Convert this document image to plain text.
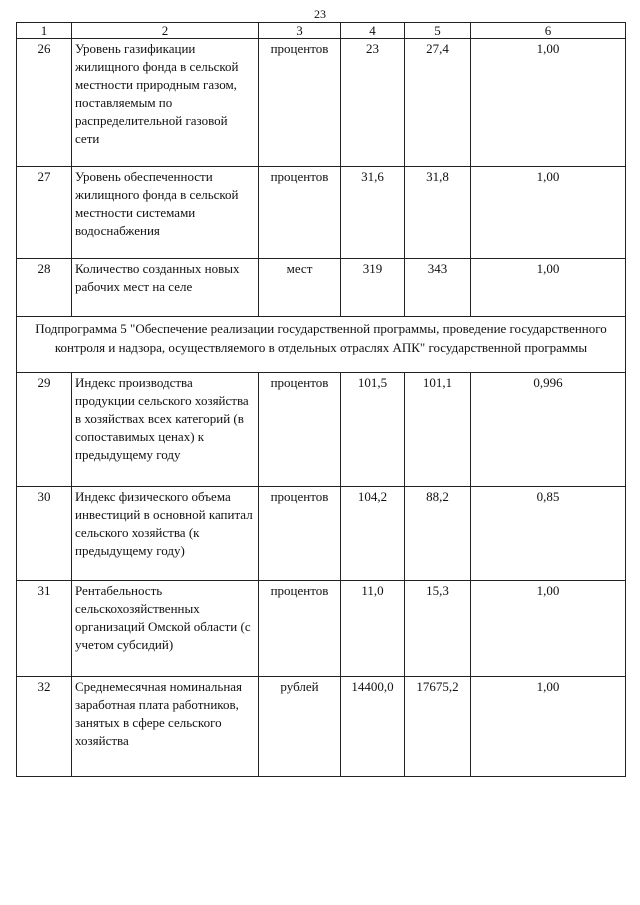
23
1	2	3	4	5	6
26	Уровень газификации жилищного фонда в сельской местности природным газом, поставляемым по распределительной газовой сети	процентов	23	27,4	1,00
27	Уровень обеспеченности жилищного фонда в сельской местности системами водоснабжения	процентов	31,6	31,8	1,00
28	Количество созданных новых рабочих мест на селе	мест	319	343	1,00
Подпрограмма 5 "Обеспечение реализации государственной программы, проведение государственного контроля и надзора, осуществляемого в отдельных отраслях АПК" государственной программы					
29	Индекс производства продукции сельского хозяйства в хозяйствах всех категорий (в сопоставимых ценах) к предыдущему году	процентов	101,5	101,1	0,996
30	Индекс физического объема инвестиций в основной капитал сельского хозяйства (к предыдущему году)	процентов	104,2	88,2	0,85
31	Рентабельность сельскохозяйственных организаций Омской области (с учетом субсидий)	процентов	11,0	15,3	1,00
32	Среднемесячная номинальная заработная плата работников, занятых в сфере сельского хозяйства	рублей	14400,0	17675,2	1,00
